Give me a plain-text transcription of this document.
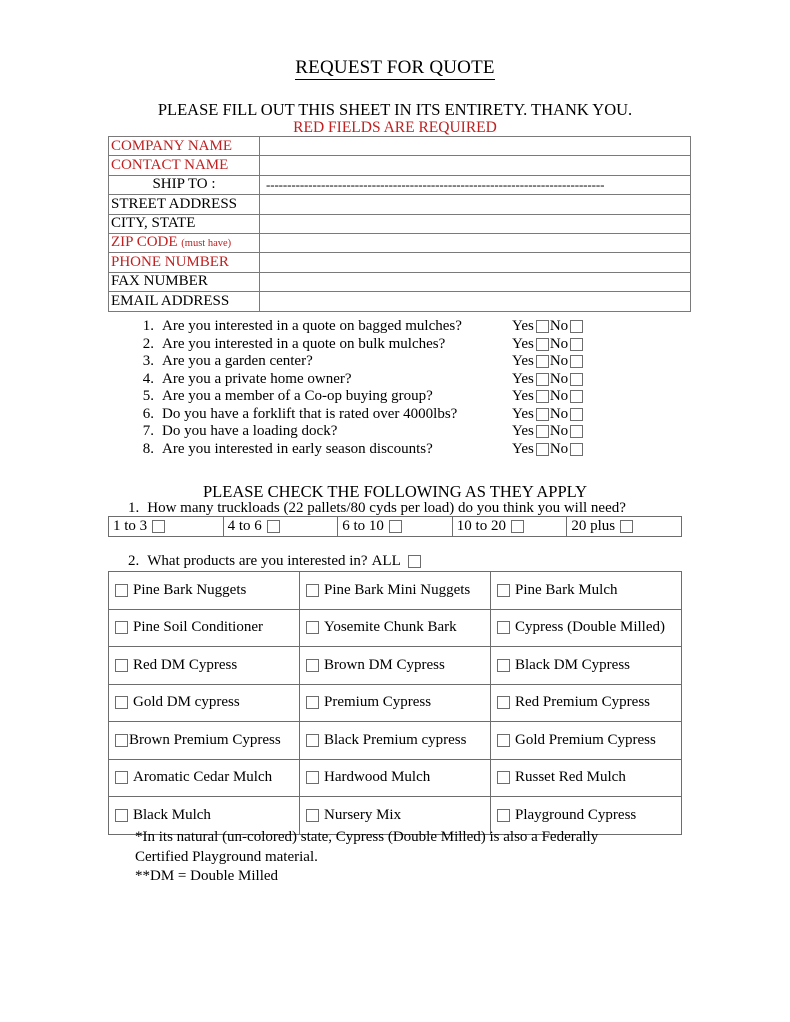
REQUEST FOR QUOTE
PLEASE FILL OUT THIS SHEET IN ITS ENTIRETY. THANK YOU.
RED FIELDS ARE REQUIRED
COMPANY NAME	
CONTACT NAME	
SHIP TO :	--------------------------------------------------------------------------------

STREET ADDRESS	
CITY, STATE	
ZIP CODE (must have)	
PHONE NUMBER	
FAX NUMBER	
EMAIL ADDRESS	
1. Are you interested in a quote on bagged mulches?	Yes No
2. Are you interested in a quote on bulk mulches?	Yes No
3. Are you a garden center?	Yes No
4. Are you a private home owner?	Yes No
5. Are you a member of a Co-op buying group?	Yes No
6. Do you have a forklift that is rated over 4000lbs?	Yes No
7. Do you have a loading dock?	Yes No
8. Are you interested in early season discounts?	Yes No
PLEASE CHECK THE FOLLOWING AS THEY APPLY
1. How many truckloads (22 pallets/80 cyds per load) do you think you will need?
1 to 3	4 to 6	6 to 10	10 to 20	20 plus
2. What products are you interested in? ALL
Pine Bark Nuggets	Pine Bark Mini Nuggets	Pine Bark Mulch

Pine Soil Conditioner	Yosemite Chunk Bark	Cypress (Double Milled)

Red DM Cypress	Brown DM Cypress	Black DM Cypress

Gold DM cypress	Premium Cypress	Red Premium Cypress

Brown Premium Cypress	Black Premium cypress	Gold Premium Cypress

Aromatic Cedar Mulch	Hardwood Mulch	Russet Red Mulch

Black Mulch	Nursery Mix	Playground Cypress
*In its natural (un-colored) state, Cypress (Double Milled) is also a Federally
Certified Playground material.
**DM = Double Milled
